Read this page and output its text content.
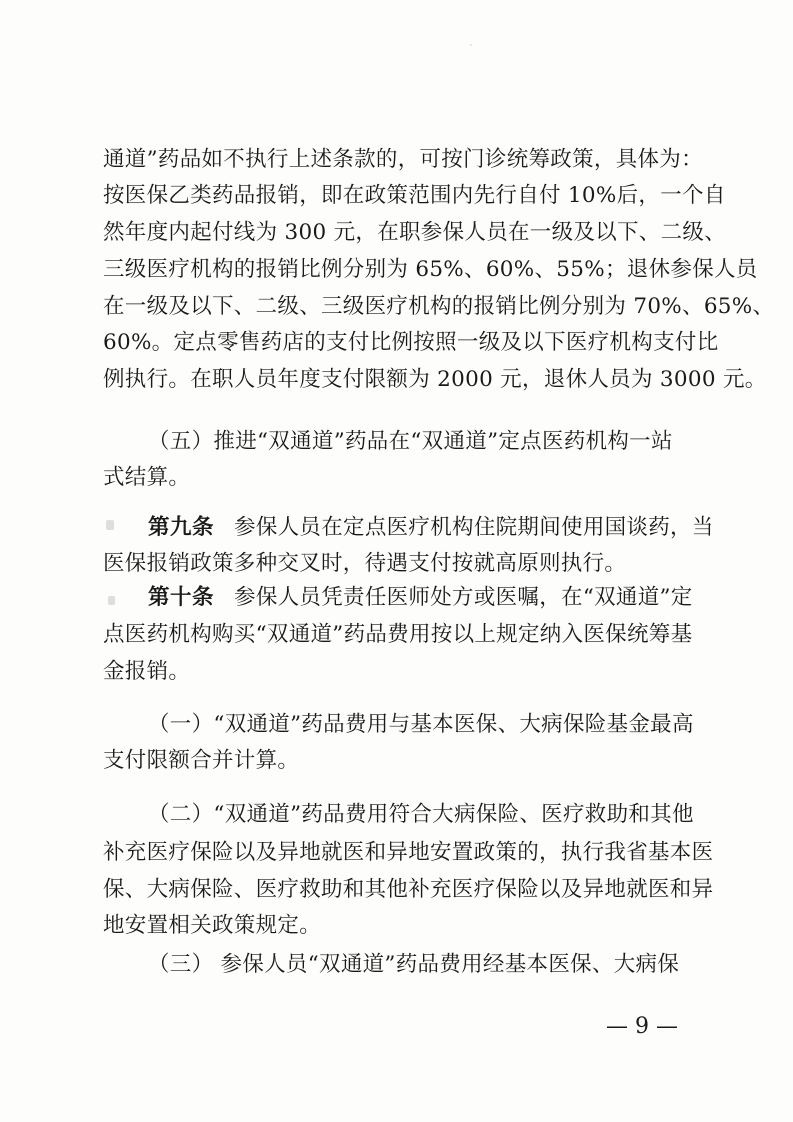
通道”药品如不执行上述条款的，可按门诊统筹政策，具体为：
按医保乙类药品报销，即在政策范围内先行自付 10%后，一个自
然年度内起付线为 300 元，在职参保人员在一级及以下、二级、
三级医疗机构的报销比例分别为 65%、60%、55%；退休参保人员
在一级及以下、二级、三级医疗机构的报销比例分别为 70%、65%、
60%。定点零售药店的支付比例按照一级及以下医疗机构支付比
例执行。在职人员年度支付限额为 2000 元，退休人员为 3000 元。
（五）推进“双通道”药品在“双通道”定点医药机构一站
式结算。
第九条 参保人员在定点医疗机构住院期间使用国谈药，当
医保报销政策多种交叉时，待遇支付按就高原则执行。
第十条 参保人员凭责任医师处方或医嘱，在“双通道”定
点医药机构购买“双通道”药品费用按以上规定纳入医保统筹基
金报销。
（一）“双通道”药品费用与基本医保、大病保险基金最高
支付限额合并计算。
（二）“双通道”药品费用符合大病保险、医疗救助和其他
补充医疗保险以及异地就医和异地安置政策的，执行我省基本医
保、大病保险、医疗救助和其他补充医疗保险以及异地就医和异
地安置相关政策规定。
（三） 参保人员“双通道”药品费用经基本医保、大病保
— 9 —
